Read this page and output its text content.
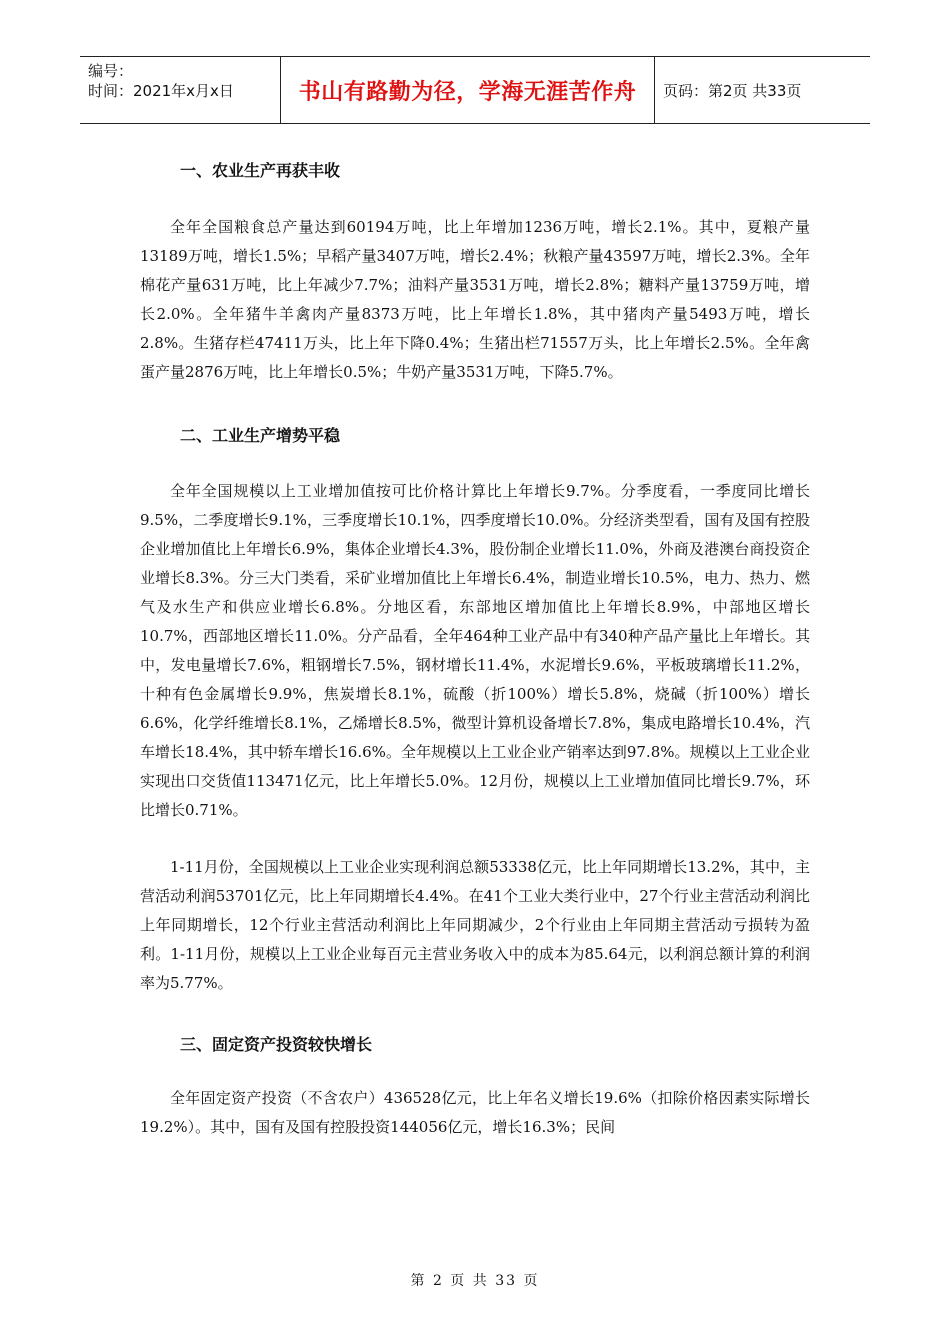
编号：
时间：2021年x月x日	书山有路勤为径，学海无涯苦作舟	页码：第2页 共33页
一、农业生产再获丰收

全年全国粮食总产量达到60194万吨，比上年增加1236万吨，增长2.1%。其中，夏粮产量13189万吨，增长1.5%；早稻产量3407万吨，增长2.4%；秋粮产量43597万吨，增长2.3%。全年棉花产量631万吨，比上年减少7.7%；油料产量3531万吨，增长2.8%；糖料产量13759万吨，增长2.0%。全年猪牛羊禽肉产量8373万吨，比上年增长1.8%，其中猪肉产量5493万吨，增长2.8%。生猪存栏47411万头，比上年下降0.4%；生猪出栏71557万头，比上年增长2.5%。全年禽蛋产量2876万吨，比上年增长0.5%；牛奶产量3531万吨，下降5.7%。

二、工业生产增势平稳

全年全国规模以上工业增加值按可比价格计算比上年增长9.7%。分季度看，一季度同比增长9.5%，二季度增长9.1%，三季度增长10.1%，四季度增长10.0%。分经济类型看，国有及国有控股企业增加值比上年增长6.9%，集体企业增长4.3%，股份制企业增长11.0%，外商及港澳台商投资企业增长8.3%。分三大门类看，采矿业增加值比上年增长6.4%，制造业增长10.5%，电力、热力、燃气及水生产和供应业增长6.8%。分地区看，东部地区增加值比上年增长8.9%，中部地区增长10.7%，西部地区增长11.0%。分产品看，全年464种工业产品中有340种产品产量比上年增长。其中，发电量增长7.6%，粗钢增长7.5%，钢材增长11.4%，水泥增长9.6%，平板玻璃增长11.2%，十种有色金属增长9.9%，焦炭增长8.1%，硫酸（折100%）增长5.8%，烧碱（折100%）增长6.6%，化学纤维增长8.1%，乙烯增长8.5%，微型计算机设备增长7.8%，集成电路增长10.4%，汽车增长18.4%，其中轿车增长16.6%。全年规模以上工业企业产销率达到97.8%。规模以上工业企业实现出口交货值113471亿元，比上年增长5.0%。12月份，规模以上工业增加值同比增长9.7%，环比增长0.71%。

1-11月份，全国规模以上工业企业实现利润总额53338亿元，比上年同期增长13.2%，其中，主营活动利润53701亿元，比上年同期增长4.4%。在41个工业大类行业中，27个行业主营活动利润比上年同期增长，12个行业主营活动利润比上年同期减少，2个行业由上年同期主营活动亏损转为盈利。1-11月份，规模以上工业企业每百元主营业务收入中的成本为85.64元，以利润总额计算的利润率为5.77%。

三、固定资产投资较快增长

全年固定资产投资（不含农户）436528亿元，比上年名义增长19.6%（扣除价格因素实际增长19.2%）。其中，国有及国有控股投资144056亿元，增长16.3%；民间

第 2 页 共 33 页
